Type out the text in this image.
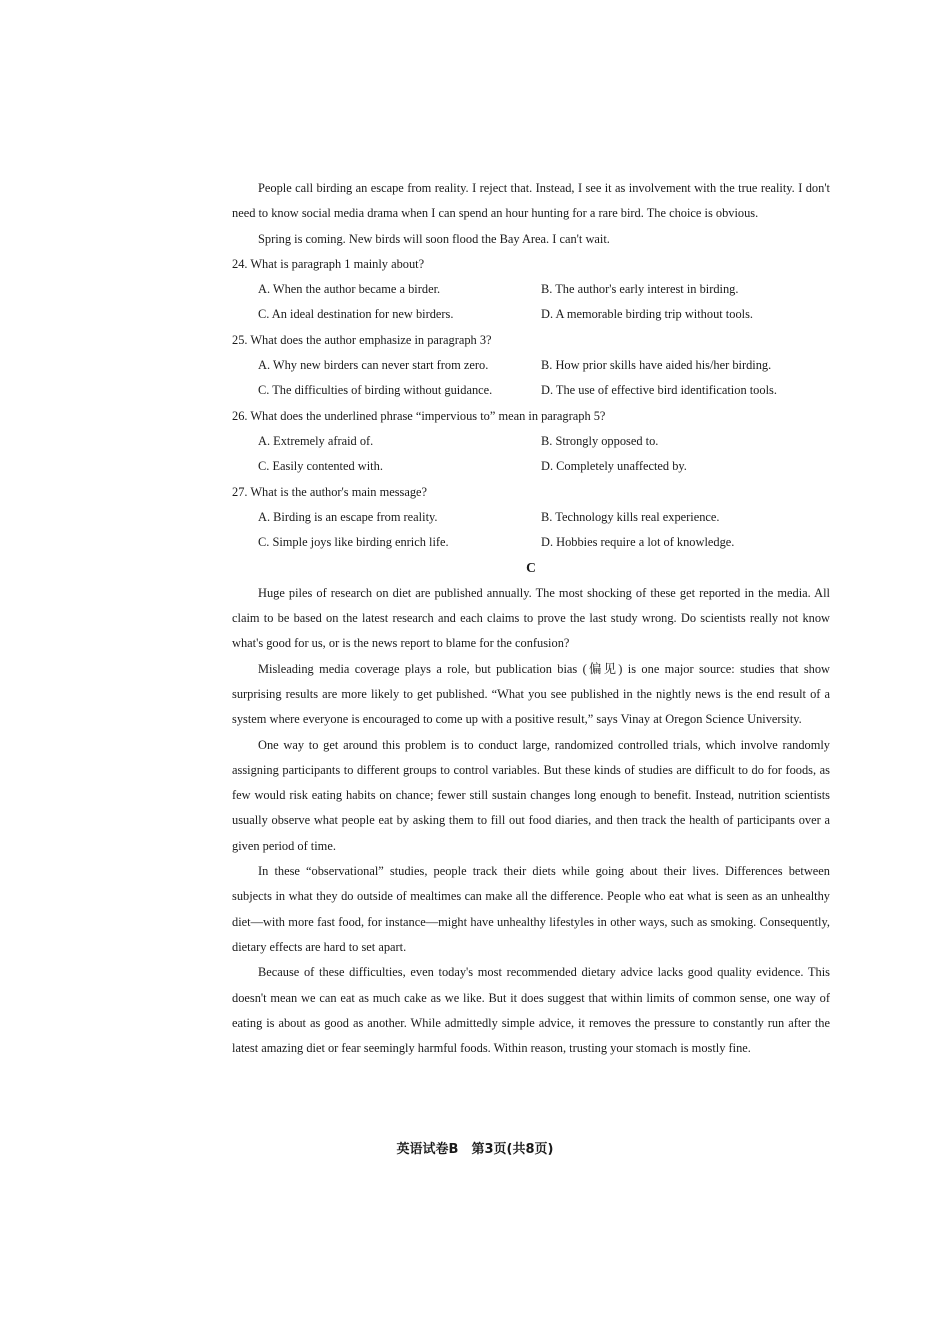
People call birding an escape from reality. I reject that. Instead, I see it as involvement with the true reality. I don't need to know social media drama when I can spend an hour hunting for a rare bird. The choice is obvious.

Spring is coming. New birds will soon flood the Bay Area. I can't wait.

24. What is paragraph 1 mainly about?

A. When the author became a birder.	B. The author's early interest in birding.
C. An ideal destination for new birders.	D. A memorable birding trip without tools.

25. What does the author emphasize in paragraph 3?

A. Why new birders can never start from zero.	B. How prior skills have aided his/her birding.
C. The difficulties of birding without guidance.	D. The use of effective bird identification tools.

26. What does the underlined phrase “impervious to” mean in paragraph 5?

A. Extremely afraid of.	B. Strongly opposed to.
C. Easily contented with.	D. Completely unaffected by.

27. What is the author's main message?

A. Birding is an escape from reality.	B. Technology kills real experience.
C. Simple joys like birding enrich life.	D. Hobbies require a lot of knowledge.

C

Huge piles of research on diet are published annually. The most shocking of these get reported in the media. All claim to be based on the latest research and each claims to prove the last study wrong. Do scientists really not know what's good for us, or is the news report to blame for the confusion?

Misleading media coverage plays a role, but publication bias (偏见) is one major source: studies that show surprising results are more likely to get published. “What you see published in the nightly news is the end result of a system where everyone is encouraged to come up with a positive result,” says Vinay at Oregon Science University.

One way to get around this problem is to conduct large, randomized controlled trials, which involve randomly assigning participants to different groups to control variables. But these kinds of studies are difficult to do for foods, as few would risk eating habits on chance; fewer still sustain changes long enough to benefit. Instead, nutrition scientists usually observe what people eat by asking them to fill out food diaries, and then track the health of participants over a given period of time.

In these “observational” studies, people track their diets while going about their lives. Differences between subjects in what they do outside of mealtimes can make all the difference. People who eat what is seen as an unhealthy diet—with more fast food, for instance—might have unhealthy lifestyles in other ways, such as smoking. Consequently, dietary effects are hard to set apart.

Because of these difficulties, even today's most recommended dietary advice lacks good quality evidence. This doesn't mean we can eat as much cake as we like. But it does suggest that within limits of common sense, one way of eating is about as good as another. While admittedly simple advice, it removes the pressure to constantly run after the latest amazing diet or fear seemingly harmful foods. Within reason, trusting your stomach is mostly fine.

英语试卷B　第3页(共8页)
